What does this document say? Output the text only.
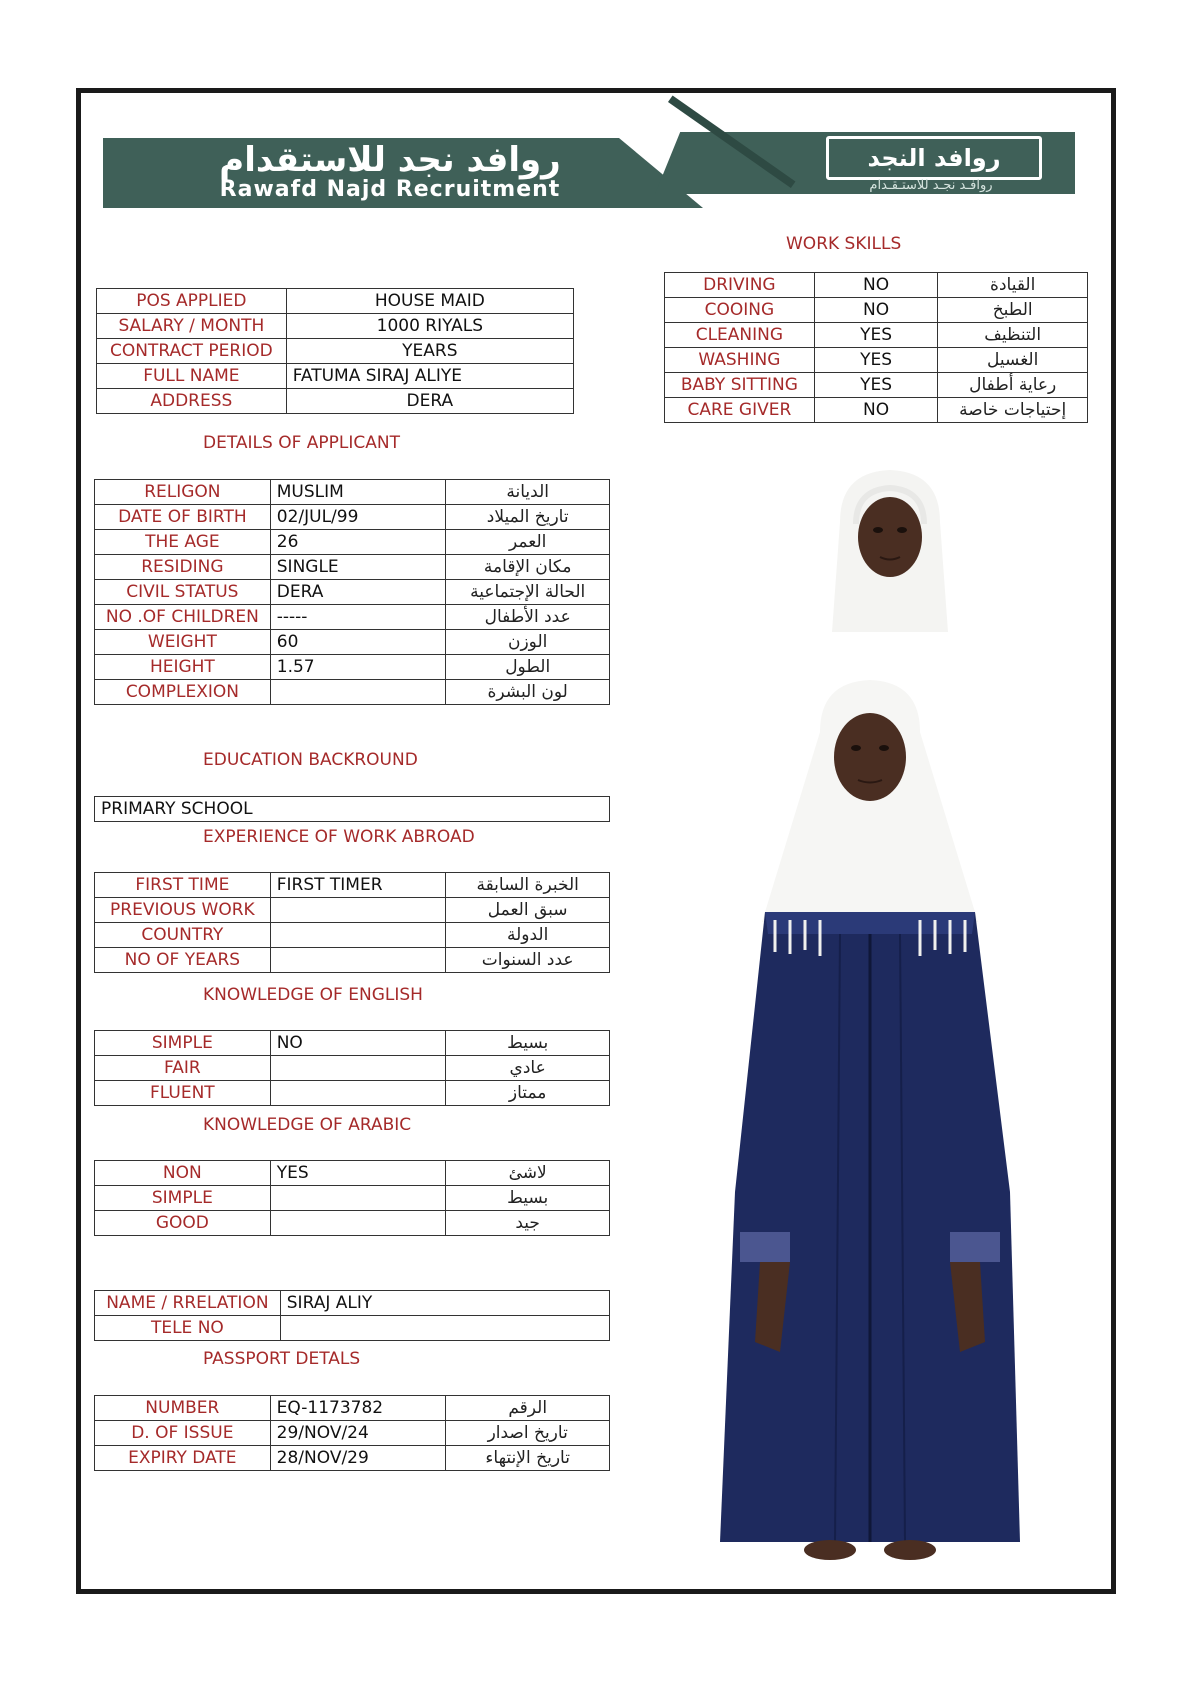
روافد نجد للاستقدام
Rawafd Najd Recruitment
روافد النجد
روافـد نجـد للاستـقـدام
WORK SKILLS
DRIVING	NO	القيادة
COOING	NO	الطبخ
CLEANING	YES	التنظيف
WASHING	YES	الغسيل
BABY SITTING	YES	رعاية أطفال
CARE GIVER	NO	إحتياجات خاصة
POS APPLIED	HOUSE MAID
SALARY / MONTH	1000 RIYALS
CONTRACT PERIOD	YEARS
FULL NAME	FATUMA SIRAJ ALIYE
ADDRESS	DERA
DETAILS OF APPLICANT
RELIGON	MUSLIM	الديانة
DATE OF BIRTH	02/JUL/99	تاريخ الميلاد
THE AGE	26	العمر
RESIDING	SINGLE	مكان الإقامة
CIVIL STATUS	DERA	الحالة الإجتماعية
NO .OF CHILDREN	-----	عدد الأطفال
WEIGHT	60	الوزن
HEIGHT	1.57	الطول
COMPLEXION		لون البشرة
EDUCATION BACKROUND
PRIMARY SCHOOL
EXPERIENCE OF WORK ABROAD
FIRST TIME	FIRST TIMER	الخبرة السابقة
PREVIOUS WORK		سبق العمل
COUNTRY		الدولة
NO OF YEARS		عدد السنوات
KNOWLEDGE OF ENGLISH
SIMPLE	NO	بسيط
FAIR		عادي
FLUENT		ممتاز
KNOWLEDGE OF ARABIC
NON	YES	لاشئ
SIMPLE		بسيط
GOOD		جيد
NAME / RRELATION	SIRAJ ALIY
TELE NO	
PASSPORT DETALS
NUMBER	EQ-1173782	الرقم
D. OF ISSUE	29/NOV/24	تاريخ اصدار
EXPIRY DATE	28/NOV/29	تاريخ الإنتهاء
